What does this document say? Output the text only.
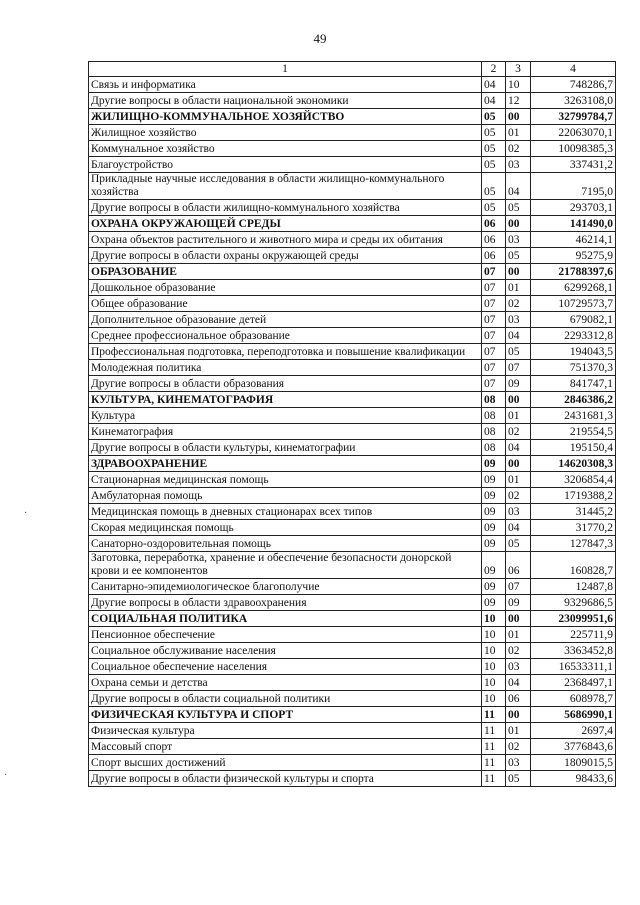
49
1	2	3	4
Связь и информатика	04	10	748286,7
Другие вопросы в области национальной экономики	04	12	3263108,0
ЖИЛИЩНО-КОММУНАЛЬНОЕ ХОЗЯЙСТВО	05	00	32799784,7
Жилищное хозяйство	05	01	22063070,1
Коммунальное хозяйство	05	02	10098385,3
Благоустройство	05	03	337431,2
Прикладные научные исследования в области жилищно-коммунального хозяйства	05	04	7195,0
Другие вопросы в области жилищно-коммунального хозяйства	05	05	293703,1
ОХРАНА ОКРУЖАЮЩЕЙ СРЕДЫ	06	00	141490,0
Охрана объектов растительного и животного мира и среды их обитания	06	03	46214,1
Другие вопросы в области охраны окружающей среды	06	05	95275,9
ОБРАЗОВАНИЕ	07	00	21788397,6
Дошкольное образование	07	01	6299268,1
Общее образование	07	02	10729573,7
Дополнительное образование детей	07	03	679082,1
Среднее профессиональное образование	07	04	2293312,8
Профессиональная подготовка, переподготовка и повышение квалификации	07	05	194043,5
Молодежная политика	07	07	751370,3
Другие вопросы в области образования	07	09	841747,1
КУЛЬТУРА, КИНЕМАТОГРАФИЯ	08	00	2846386,2
Культура	08	01	2431681,3
Кинематография	08	02	219554,5
Другие вопросы в области культуры, кинематографии	08	04	195150,4
ЗДРАВООХРАНЕНИЕ	09	00	14620308,3
Стационарная медицинская помощь	09	01	3206854,4
Амбулаторная помощь	09	02	1719388,2
Медицинская помощь в дневных стационарах всех типов	09	03	31445,2
Скорая медицинская помощь	09	04	31770,2
Санаторно-оздоровительная помощь	09	05	127847,3
Заготовка, переработка, хранение и обеспечение безопасности донорской крови и ее компонентов	09	06	160828,7
Санитарно-эпидемиологическое благополучие	09	07	12487,8
Другие вопросы в области здравоохранения	09	09	9329686,5
СОЦИАЛЬНАЯ ПОЛИТИКА	10	00	23099951,6
Пенсионное обеспечение	10	01	225711,9
Социальное обслуживание населения	10	02	3363452,8
Социальное обеспечение населения	10	03	16533311,1
Охрана семьи и детства	10	04	2368497,1
Другие вопросы в области социальной политики	10	06	608978,7
ФИЗИЧЕСКАЯ КУЛЬТУРА И СПОРТ	11	00	5686990,1
Физическая культура	11	01	2697,4
Массовый спорт	11	02	3776843,6
Спорт высших достижений	11	03	1809015,5
Другие вопросы в области физической культуры и спорта	11	05	98433,6
·
·
